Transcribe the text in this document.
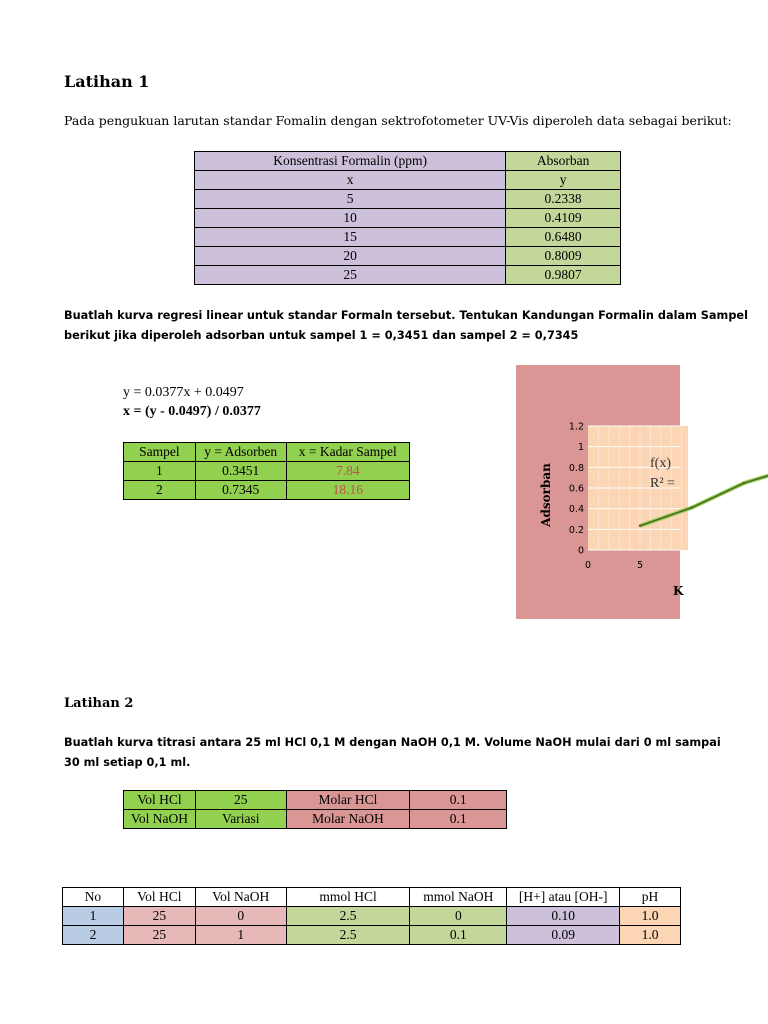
Latihan 1
Pada pengukuan larutan standar Fomalin dengan sektrofotometer UV-Vis diperoleh data sebagai berikut:
Konsentrasi Formalin (ppm)	Absorban
x	y
5	0.2338
10	0.4109
15	0.6480
20	0.8009
25	0.9807
Buatlah kurva regresi linear untuk standar Formaln tersebut. Tentukan Kandungan Formalin dalam Sampel
berikut jika diperoleh adsorban untuk sampel 1 = 0,3451 dan sampel 2 = 0,7345
y = 0.0377x + 0.0497
x = (y - 0.0497) / 0.0377
Sampel	y = Adsorben	x = Kadar Sampel
1	0.3451	7.84
2	0.7345	18.16
1.2
1
0.8
0.6
0.4
0.2
0
0	5
Adsorban
K
f(x)
R² =
Latihan 2
Buatlah kurva titrasi antara 25 ml HCl 0,1 M dengan NaOH 0,1 M. Volume NaOH mulai dari 0 ml sampai
30 ml setiap 0,1 ml.
Vol HCl	25	Molar HCl	0.1
Vol NaOH	Variasi	Molar NaOH	0.1
No	Vol HCl	Vol NaOH	mmol HCl	mmol NaOH	[H+] atau [OH-]	pH
1	25	0	2.5	0	0.10	1.0
2	25	1	2.5	0.1	0.09	1.0
